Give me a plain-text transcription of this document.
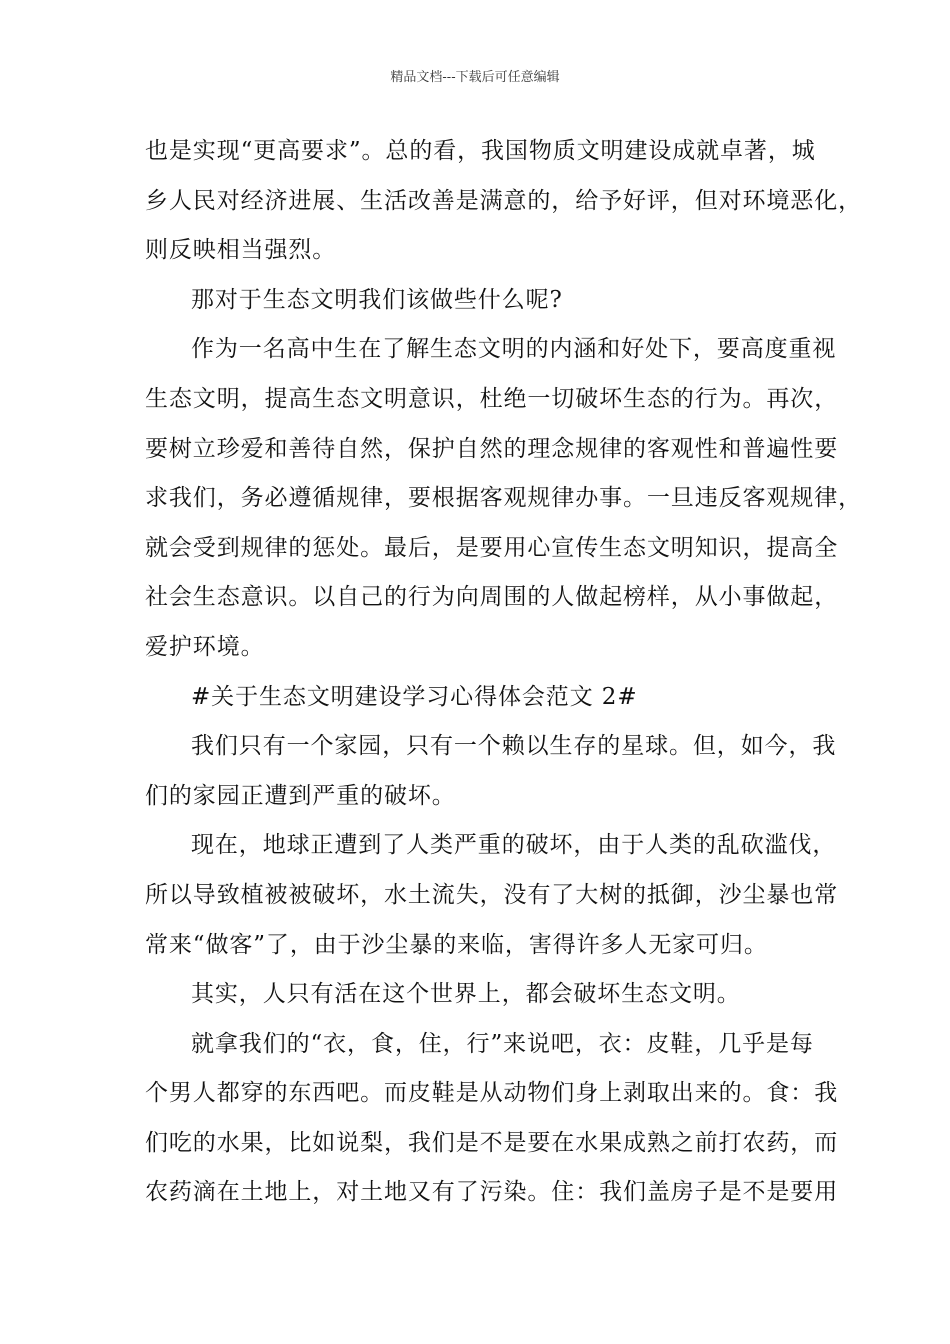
精品文档---下载后可任意编辑
也是实现“更高要求”。总的看，我国物质文明建设成就卓著，城
乡人民对经济进展、生活改善是满意的，给予好评，但对环境恶化，
则反映相当强烈。
那对于生态文明我们该做些什么呢?
作为一名高中生在了解生态文明的内涵和好处下，要高度重视
生态文明，提高生态文明意识，杜绝一切破坏生态的行为。再次，
要树立珍爱和善待自然，保护自然的理念规律的客观性和普遍性要
求我们，务必遵循规律，要根据客观规律办事。一旦违反客观规律，
就会受到规律的惩处。最后，是要用心宣传生态文明知识，提高全
社会生态意识。以自己的行为向周围的人做起榜样，从小事做起，
爱护环境。
#关于生态文明建设学习心得体会范文 2#
我们只有一个家园，只有一个赖以生存的星球。但，如今，我
们的家园正遭到严重的破坏。
现在，地球正遭到了人类严重的破坏，由于人类的乱砍滥伐，
所以导致植被被破坏，水土流失，没有了大树的抵御，沙尘暴也常
常来“做客”了，由于沙尘暴的来临，害得许多人无家可归。
其实，人只有活在这个世界上，都会破坏生态文明。
就拿我们的“衣，食，住，行”来说吧，衣：皮鞋，几乎是每
个男人都穿的东西吧。而皮鞋是从动物们身上剥取出来的。食：我
们吃的水果，比如说梨，我们是不是要在水果成熟之前打农药，而
农药滴在土地上，对土地又有了污染。住：我们盖房子是不是要用
